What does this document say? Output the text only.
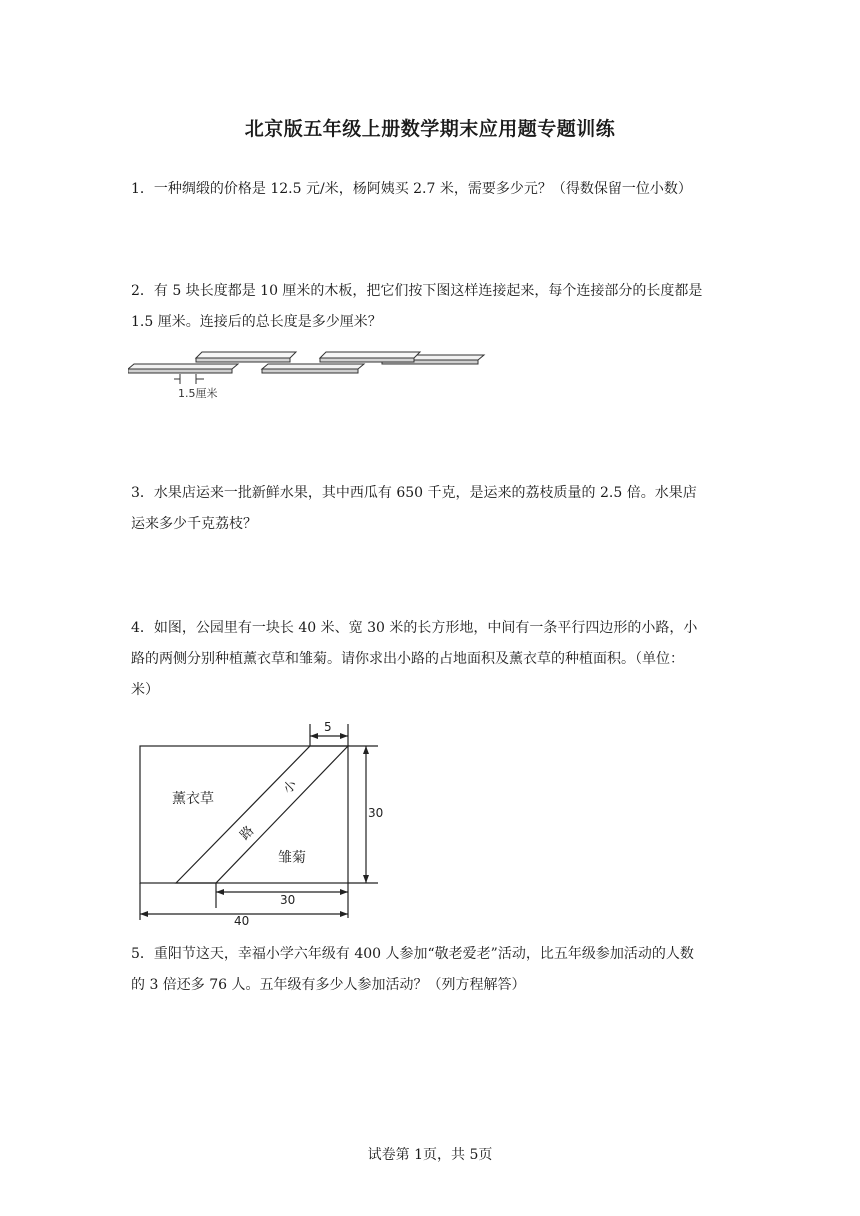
北京版五年级上册数学期末应用题专题训练

1．一种绸缎的价格是 12.5 元/米，杨阿姨买 2.7 米，需要多少元？（得数保留一位小数）

2．有 5 块长度都是 10 厘米的木板，把它们按下图这样连接起来，每个连接部分的长度都是

1.5 厘米。连接后的总长度是多少厘米？

1.5厘米

3．水果店运来一批新鲜水果，其中西瓜有 650 千克，是运来的荔枝质量的 2.5 倍。水果店

运来多少千克荔枝？

4．如图，公园里有一块长 40 米、宽 30 米的长方形地，中间有一条平行四边形的小路，小

路的两侧分别种植薰衣草和雏菊。请你求出小路的占地面积及薰衣草的种植面积。（单位：

米）

5
30
30
40
薰衣草
雏菊
小
路

5．重阳节这天，幸福小学六年级有 400 人参加“敬老爱老”活动，比五年级参加活动的人数

的 3 倍还多 76 人。五年级有多少人参加活动？（列方程解答）

试卷第 1页，共 5页
